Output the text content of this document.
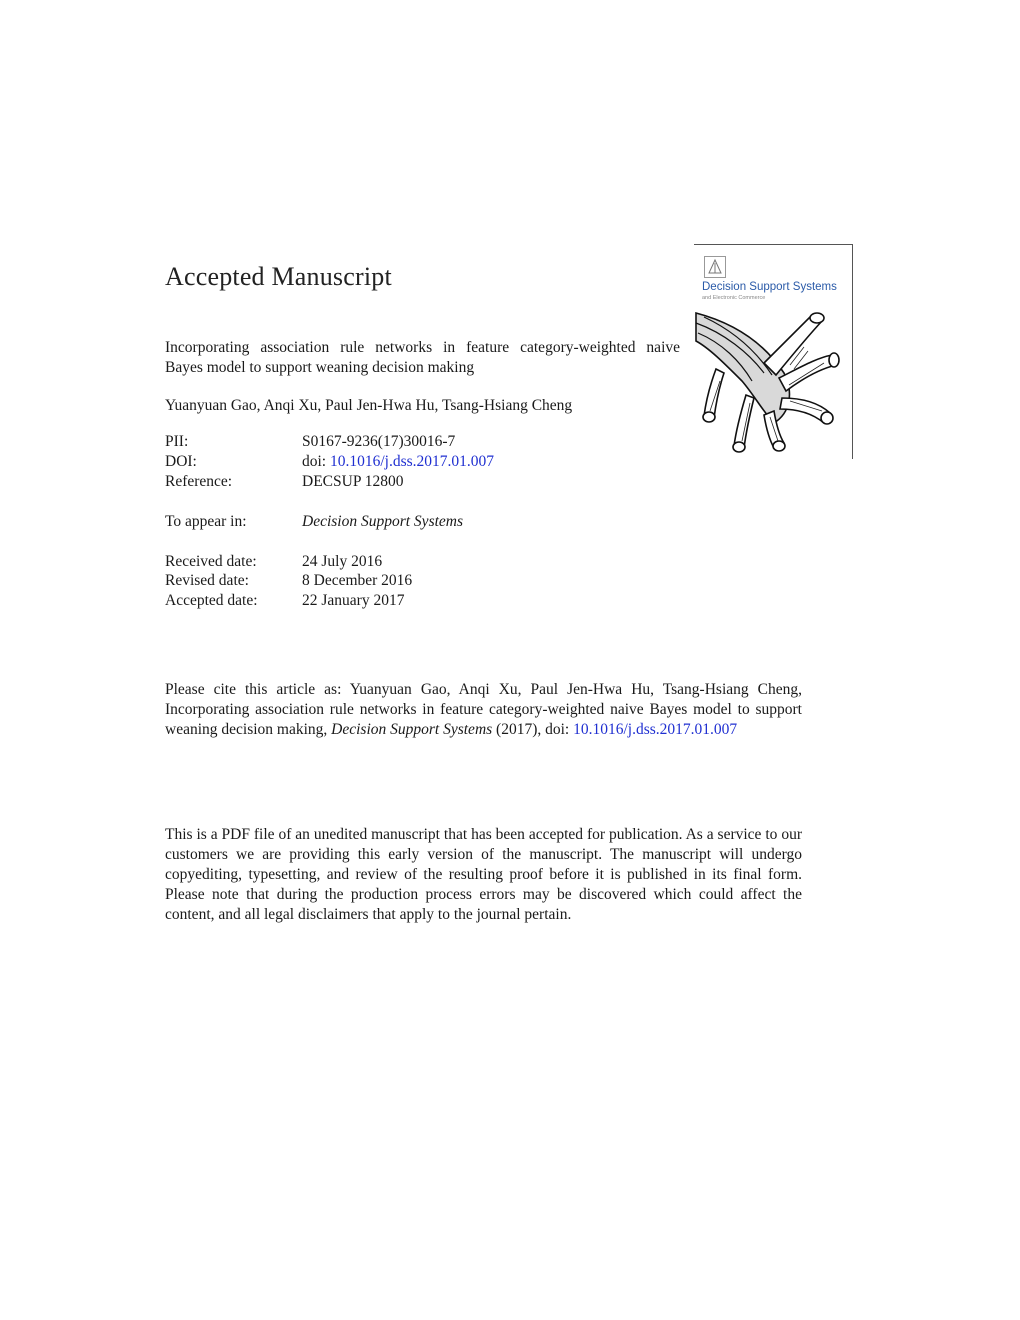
Accepted Manuscript
Incorporating association rule networks in feature category-weighted naive
Bayes model to support weaning decision making
Yuanyuan Gao, Anqi Xu, Paul Jen-Hwa Hu, Tsang-Hsiang Cheng
PII:	S0167-9236(17)30016-7
DOI:	doi: 10.1016/j.dss.2017.01.007
Reference:	DECSUP 12800
To appear in:	Decision Support Systems
Received date:	24 July 2016
Revised date:	8 December 2016
Accepted date:	22 January 2017
Please cite this article as: Yuanyuan Gao, Anqi Xu, Paul Jen-Hwa Hu, Tsang-Hsiang Cheng, Incorporating association rule networks in feature category-weighted naive Bayes model to support weaning decision making, Decision Support Systems (2017), doi: 10.1016/j.dss.2017.01.007
This is a PDF file of an unedited manuscript that has been accepted for publication. As a service to our customers we are providing this early version of the manuscript. The manuscript will undergo copyediting, typesetting, and review of the resulting proof before it is published in its final form. Please note that during the production process errors may be discovered which could affect the content, and all legal disclaimers that apply to the journal pertain.
Decision Support Systems
and Electronic Commerce
